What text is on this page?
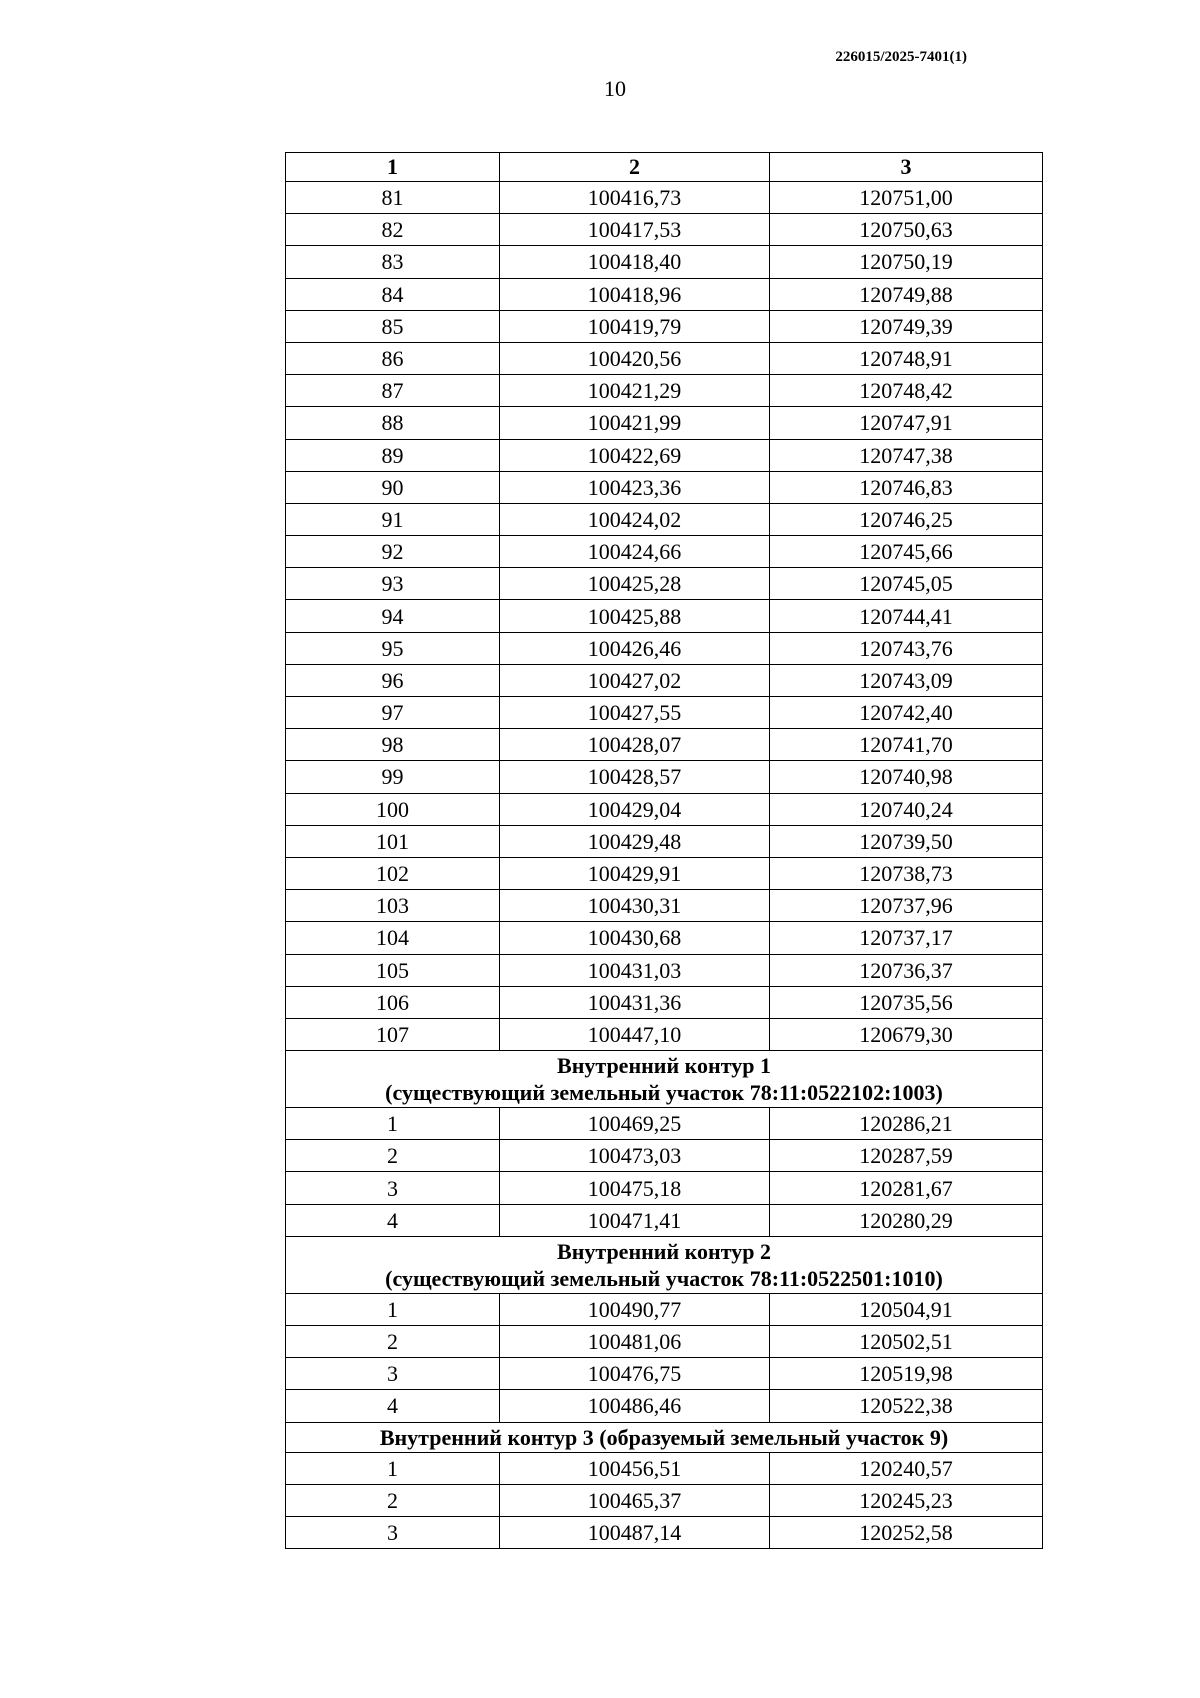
226015/2025-7401(1)
10
1	2	3
81	100416,73	120751,00
82	100417,53	120750,63
83	100418,40	120750,19
84	100418,96	120749,88
85	100419,79	120749,39
86	100420,56	120748,91
87	100421,29	120748,42
88	100421,99	120747,91
89	100422,69	120747,38
90	100423,36	120746,83
91	100424,02	120746,25
92	100424,66	120745,66
93	100425,28	120745,05
94	100425,88	120744,41
95	100426,46	120743,76
96	100427,02	120743,09
97	100427,55	120742,40
98	100428,07	120741,70
99	100428,57	120740,98
100	100429,04	120740,24
101	100429,48	120739,50
102	100429,91	120738,73
103	100430,31	120737,96
104	100430,68	120737,17
105	100431,03	120736,37
106	100431,36	120735,56
107	100447,10	120679,30

Внутренний контур 1
(существующий земельный участок 78:11:0522102:1003)		

1	100469,25	120286,21
2	100473,03	120287,59
3	100475,18	120281,67
4	100471,41	120280,29

Внутренний контур 2
(существующий земельный участок 78:11:0522501:1010)		

1	100490,77	120504,91
2	100481,06	120502,51
3	100476,75	120519,98
4	100486,46	120522,38

Внутренний контур 3 (образуемый земельный участок 9)		

1	100456,51	120240,57
2	100465,37	120245,23
3	100487,14	120252,58
